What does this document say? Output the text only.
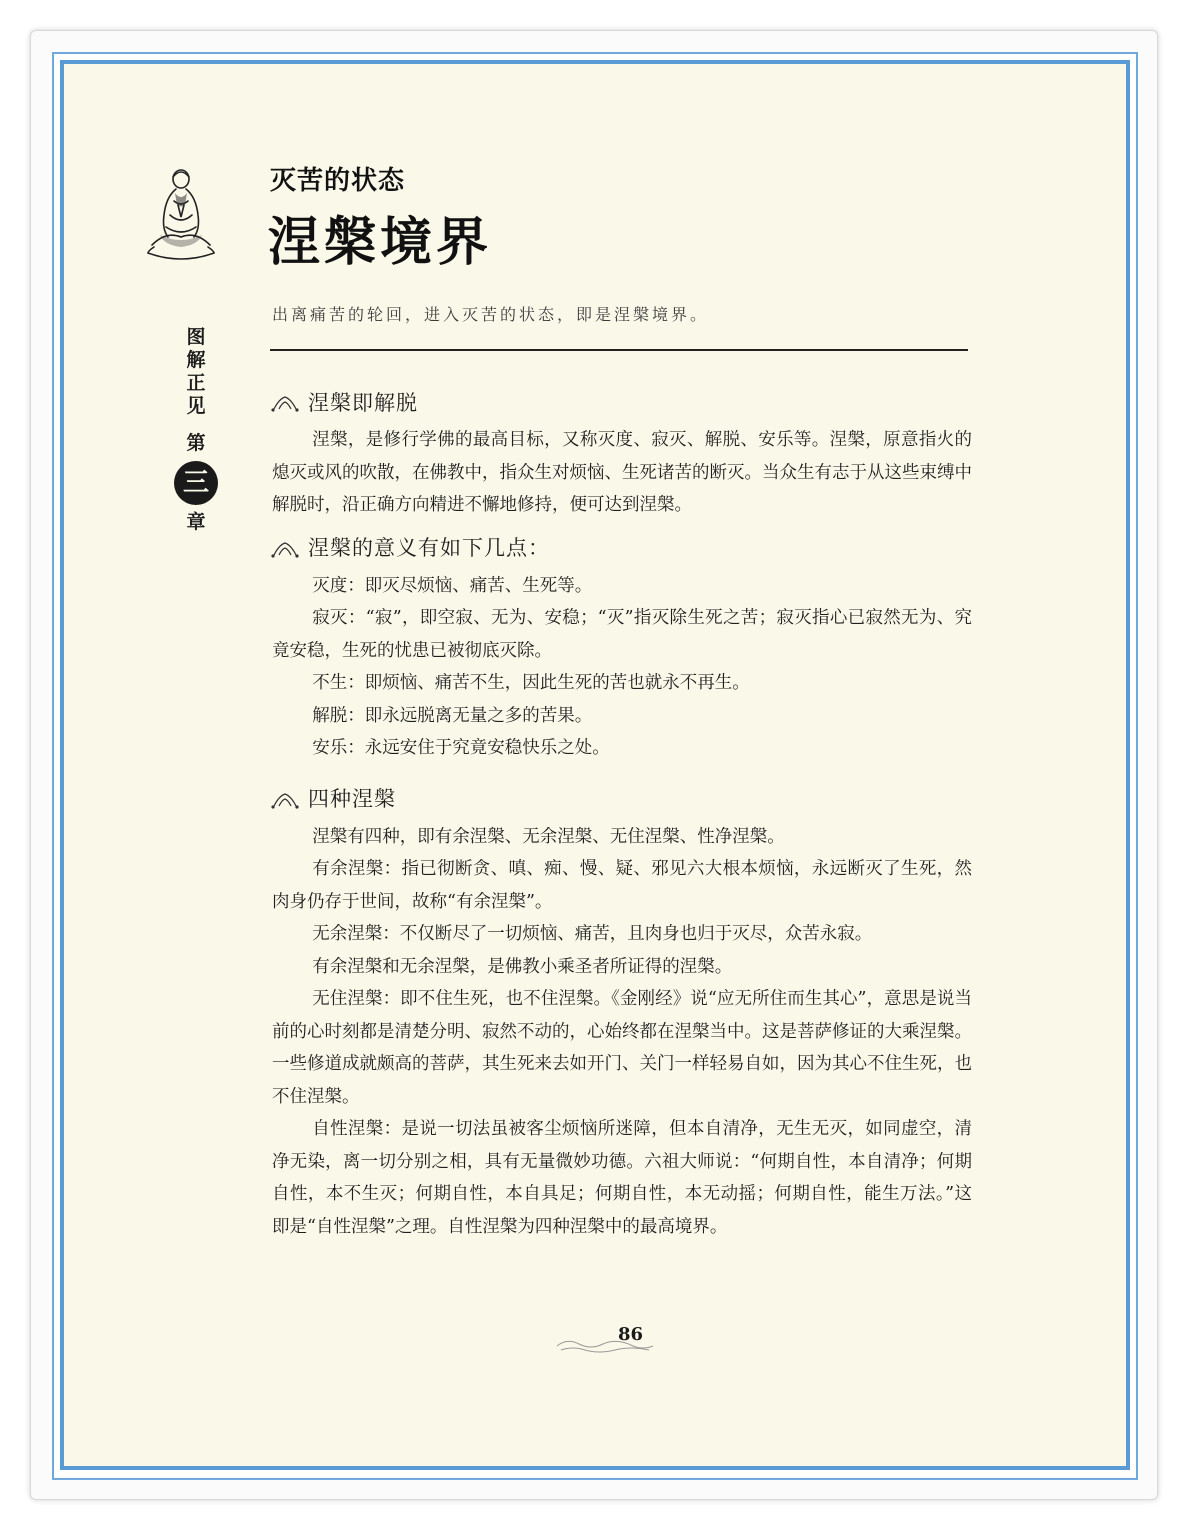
图
解
正
见
第
三
章
灭苦的状态
涅槃境界
出离痛苦的轮回，进入灭苦的状态，即是涅槃境界。
涅槃即解脱

涅槃，是修行学佛的最高目标，又称灭度、寂灭、解脱、安乐等。涅槃，原意指火的熄灭或风的吹散，在佛教中，指众生对烦恼、生死诸苦的断灭。当众生有志于从这些束缚中解脱时，沿正确方向精进不懈地修持，便可达到涅槃。

涅槃的意义有如下几点：

灭度：即灭尽烦恼、痛苦、生死等。

寂灭：“寂”，即空寂、无为、安稳；“灭”指灭除生死之苦；寂灭指心已寂然无为、究竟安稳，生死的忧患已被彻底灭除。

不生：即烦恼、痛苦不生，因此生死的苦也就永不再生。

解脱：即永远脱离无量之多的苦果。

安乐：永远安住于究竟安稳快乐之处。

四种涅槃

涅槃有四种，即有余涅槃、无余涅槃、无住涅槃、性净涅槃。

有余涅槃：指已彻断贪、嗔、痴、慢、疑、邪见六大根本烦恼，永远断灭了生死，然肉身仍存于世间，故称“有余涅槃”。

无余涅槃：不仅断尽了一切烦恼、痛苦，且肉身也归于灭尽，众苦永寂。

有余涅槃和无余涅槃，是佛教小乘圣者所证得的涅槃。

无住涅槃：即不住生死，也不住涅槃。《金刚经》说“应无所住而生其心”，意思是说当前的心时刻都是清楚分明、寂然不动的，心始终都在涅槃当中。这是菩萨修证的大乘涅槃。一些修道成就颇高的菩萨，其生死来去如开门、关门一样轻易自如，因为其心不住生死，也不住涅槃。

自性涅槃：是说一切法虽被客尘烦恼所迷障，但本自清净，无生无灭，如同虚空，清净无染，离一切分别之相，具有无量微妙功德。六祖大师说：“何期自性，本自清净；何期自性，本不生灭；何期自性，本自具足；何期自性，本无动摇；何期自性，能生万法。”这即是“自性涅槃”之理。自性涅槃为四种涅槃中的最高境界。

86
